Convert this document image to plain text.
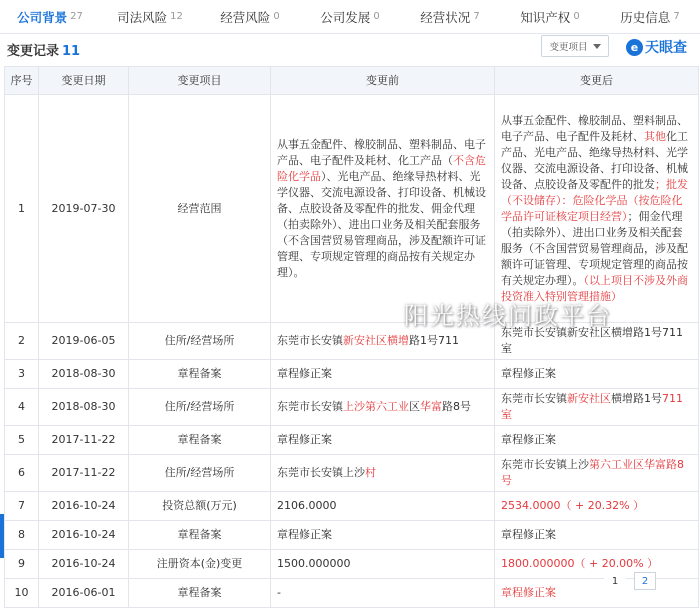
公司背景 27	司法风险 12	经营风险 0	公司发展 0	经营状况 7	知识产权 0	历史信息 7
变更记录 11	变更项目	e 天眼查
序号	变更日期	变更项目	变更前	变更后
1	2019-07-30	经营范围	从事五金配件、橡胶制品、塑料制品、电子产品、电子配件及耗材、化工产品（不含危险化学品）、光电产品、绝缘导热材料、光学仪器、交流电源设备、打印设备、机械设备、点胶设备及零配件的批发、佣金代理（拍卖除外）、进出口业务及相关配套服务（不含国营贸易管理商品，涉及配额许可证管理、专项规定管理的商品按有关规定办理）。	从事五金配件、橡胶制品、塑料制品、电子产品、电子配件及耗材、其他化工产品、光电产品、绝缘导热材料、光学仪器、交流电源设备、打印设备、机械设备、点胶设备及零配件的批发；批发（不设储存）：危险化学品（按危险化学品许可证核定项目经营）；佣金代理（拍卖除外）、进出口业务及相关配套服务（不含国营贸易管理商品，涉及配额许可证管理、专项规定管理的商品按有关规定办理）。（以上项目不涉及外商投资准入特别管理措施）
2	2019-06-05	住所/经营场所	东莞市长安镇新安社区横增路1号711	东莞市长安镇新安社区横增路1号711室
3	2018-08-30	章程备案	章程修正案	章程修正案
4	2018-08-30	住所/经营场所	东莞市长安镇上沙第六工业区华富路8号	东莞市长安镇新安社区横增路1号711室
5	2017-11-22	章程备案	章程修正案	章程修正案
6	2017-11-22	住所/经营场所	东莞市长安镇上沙村	东莞市长安镇上沙第六工业区华富路8号
7	2016-10-24	投资总额(万元)	2106.0000	2534.0000（ + 20.32% ）
8	2016-10-24	章程备案	章程修正案	章程修正案
9	2016-10-24	注册资本(金)变更	1500.000000	1800.000000（ + 20.00% ）
10	2016-06-01	章程备案	-	章程修正案
阳光热线问政平台
1	2
